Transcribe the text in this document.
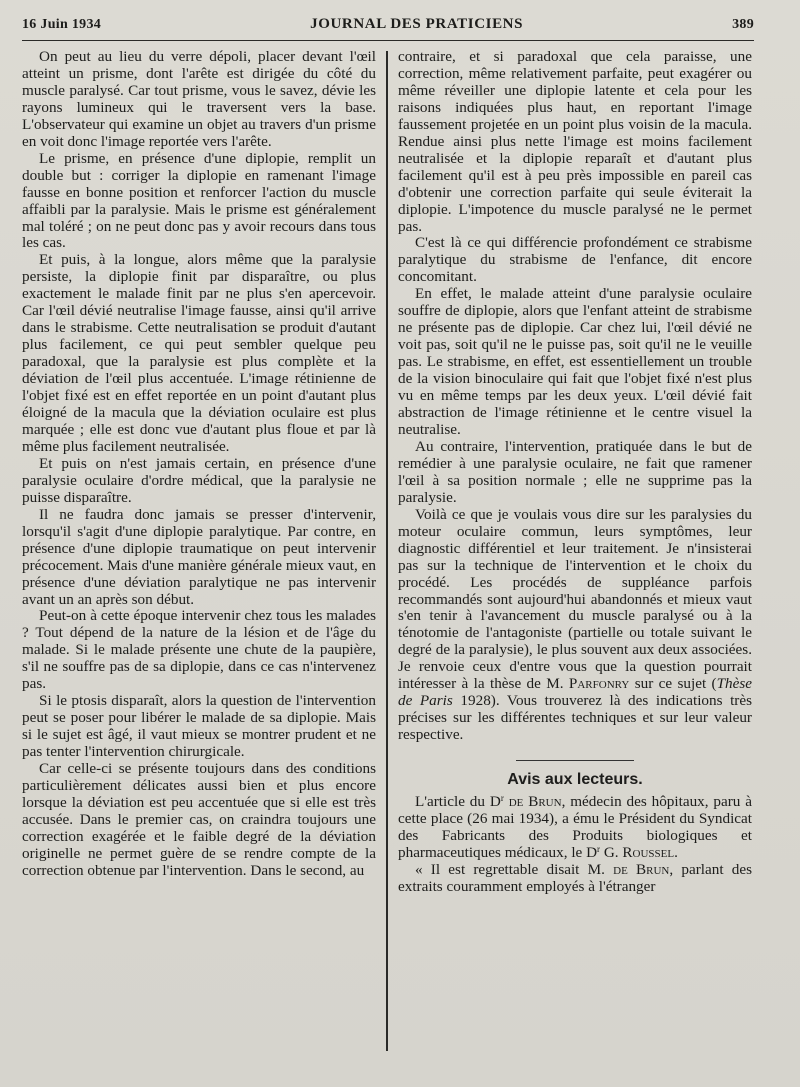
16 Juin 1934	JOURNAL DES PRATICIENS	389

On peut au lieu du verre dépoli, placer devant l'œil atteint un prisme, dont l'arête est dirigée du côté du muscle paralysé. Car tout prisme, vous le savez, dévie les rayons lumineux qui le traversent vers la base. L'observateur qui examine un objet au travers d'un prisme en voit donc l'image reportée vers l'arête.

Le prisme, en présence d'une diplopie, remplit un double but : corriger la diplopie en ramenant l'image fausse en bonne position et renforcer l'action du muscle affaibli par la paralysie. Mais le prisme est généralement mal toléré ; on ne peut donc pas y avoir recours dans tous les cas.

Et puis, à la longue, alors même que la paralysie persiste, la diplopie finit par disparaître, ou plus exactement le malade finit par ne plus s'en apercevoir. Car l'œil dévié neutralise l'image fausse, ainsi qu'il arrive dans le strabisme. Cette neutralisation se produit d'autant plus facilement, ce qui peut sembler quelque peu paradoxal, que la paralysie est plus complète et la déviation de l'œil plus accentuée. L'image rétinienne de l'objet fixé est en effet reportée en un point d'autant plus éloigné de la macula que la déviation oculaire est plus marquée ; elle est donc vue d'autant plus floue et par là même plus facilement neutralisée.

Et puis on n'est jamais certain, en présence d'une paralysie oculaire d'ordre médical, que la paralysie ne puisse disparaître.

Il ne faudra donc jamais se presser d'intervenir, lorsqu'il s'agit d'une diplopie paralytique. Par contre, en présence d'une diplopie traumatique on peut intervenir précocement. Mais d'une manière générale mieux vaut, en présence d'une déviation paralytique ne pas intervenir avant un an après son début.

Peut-on à cette époque intervenir chez tous les malades ? Tout dépend de la nature de la lésion et de l'âge du malade. Si le malade présente une chute de la paupière, s'il ne souffre pas de sa diplopie, dans ce cas n'intervenez pas.

Si le ptosis disparaît, alors la question de l'intervention peut se poser pour libérer le malade de sa diplopie. Mais si le sujet est âgé, il vaut mieux se montrer prudent et ne pas tenter l'intervention chirurgicale.

Car celle-ci se présente toujours dans des conditions particulièrement délicates aussi bien et plus encore lorsque la déviation est peu accentuée que si elle est très accusée. Dans le premier cas, on craindra toujours une correction exagérée et le faible degré de la déviation originelle ne permet guère de se rendre compte de la correction obtenue par l'intervention. Dans le second, au

contraire, et si paradoxal que cela paraisse, une correction, même relativement parfaite, peut exagérer ou même réveiller une diplopie latente et cela pour les raisons indiquées plus haut, en reportant l'image faussement projetée en un point plus voisin de la macula. Rendue ainsi plus nette l'image est moins facilement neutralisée et la diplopie reparaît et d'autant plus facilement qu'il est à peu près impossible en pareil cas d'obtenir une correction parfaite qui seule éviterait la diplopie. L'impotence du muscle paralysé ne le permet pas.

C'est là ce qui différencie profondément ce strabisme paralytique du strabisme de l'enfance, dit encore concomitant.

En effet, le malade atteint d'une paralysie oculaire souffre de diplopie, alors que l'enfant atteint de strabisme ne présente pas de diplopie. Car chez lui, l'œil dévié ne voit pas, soit qu'il ne le puisse pas, soit qu'il ne le veuille pas. Le strabisme, en effet, est essentiellement un trouble de la vision binoculaire qui fait que l'objet fixé n'est plus vu en même temps par les deux yeux. L'œil dévié fait abstraction de l'image rétinienne et le centre visuel la neutralise.

Au contraire, l'intervention, pratiquée dans le but de remédier à une paralysie oculaire, ne fait que ramener l'œil à sa position normale ; elle ne supprime pas la paralysie.

Voilà ce que je voulais vous dire sur les paralysies du moteur oculaire commun, leurs symptômes, leur diagnostic différentiel et leur traitement. Je n'insisterai pas sur la technique de l'intervention et le choix du procédé. Les procédés de suppléance parfois recommandés sont aujourd'hui abandonnés et mieux vaut s'en tenir à l'avancement du muscle paralysé ou à la ténotomie de l'antagoniste (partielle ou totale suivant le degré de la paralysie), le plus souvent aux deux associées. Je renvoie ceux d'entre vous que la question pourrait intéresser à la thèse de M. Parfonry sur ce sujet (Thèse de Paris 1928). Vous trouverez là des indications très précises sur les différentes techniques et sur leur valeur respective.

Avis aux lecteurs.

L'article du $D^r$ de Brun, médecin des hôpitaux, paru à cette place (26 mai 1934), a ému le Président du Syndicat des Fabricants des Produits biologiques et pharmaceutiques médicaux, le $D^r$ G. Roussel.

« Il est regrettable disait M. de Brun, parlant des extraits couramment employés à l'étranger
